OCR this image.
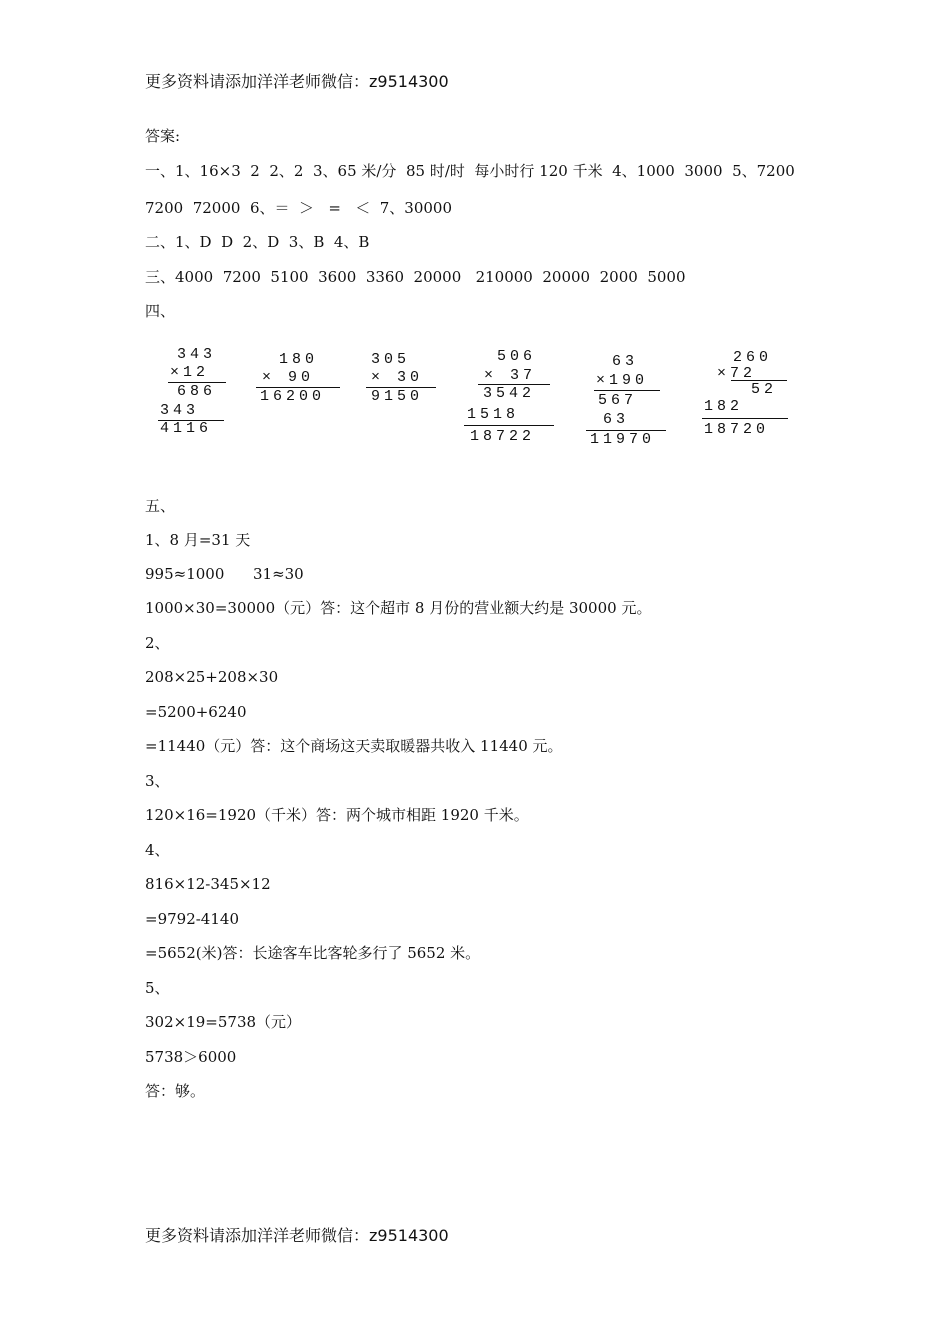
更多资料请添加洋洋老师微信：z9514300
答案:
一、1、16×3  2  2、2  3、65 米/分  85 时/时  每小时行 120 千米  4、1000  3000  5、7200
7200  72000  6、＝  ＞   =   ＜  7、30000
二、1、D  D  2、D  3、B  4、B
三、4000  7200  5100  3600  3360  20000   210000  20000  2000  5000
四、
343
×12
686
343
4116
180
× 90
16200
305
× 30
9150
506
× 37
3542
1518
18722
63
×190
567
63
11970
260
×72
52
182
18720
五、
1、8 月=31 天
995≈1000      31≈30
1000×30=30000（元）答：这个超市 8 月份的营业额大约是 30000 元。
2、
208×25+208×30
=5200+6240
=11440（元）答：这个商场这天卖取暖器共收入 11440 元。
3、
120×16=1920（千米）答：两个城市相距 1920 千米。
4、
816×12-345×12
=9792-4140
=5652(米)答：长途客车比客轮多行了 5652 米。
5、
302×19=5738（元）
5738＞6000
答：够。
更多资料请添加洋洋老师微信：z9514300
